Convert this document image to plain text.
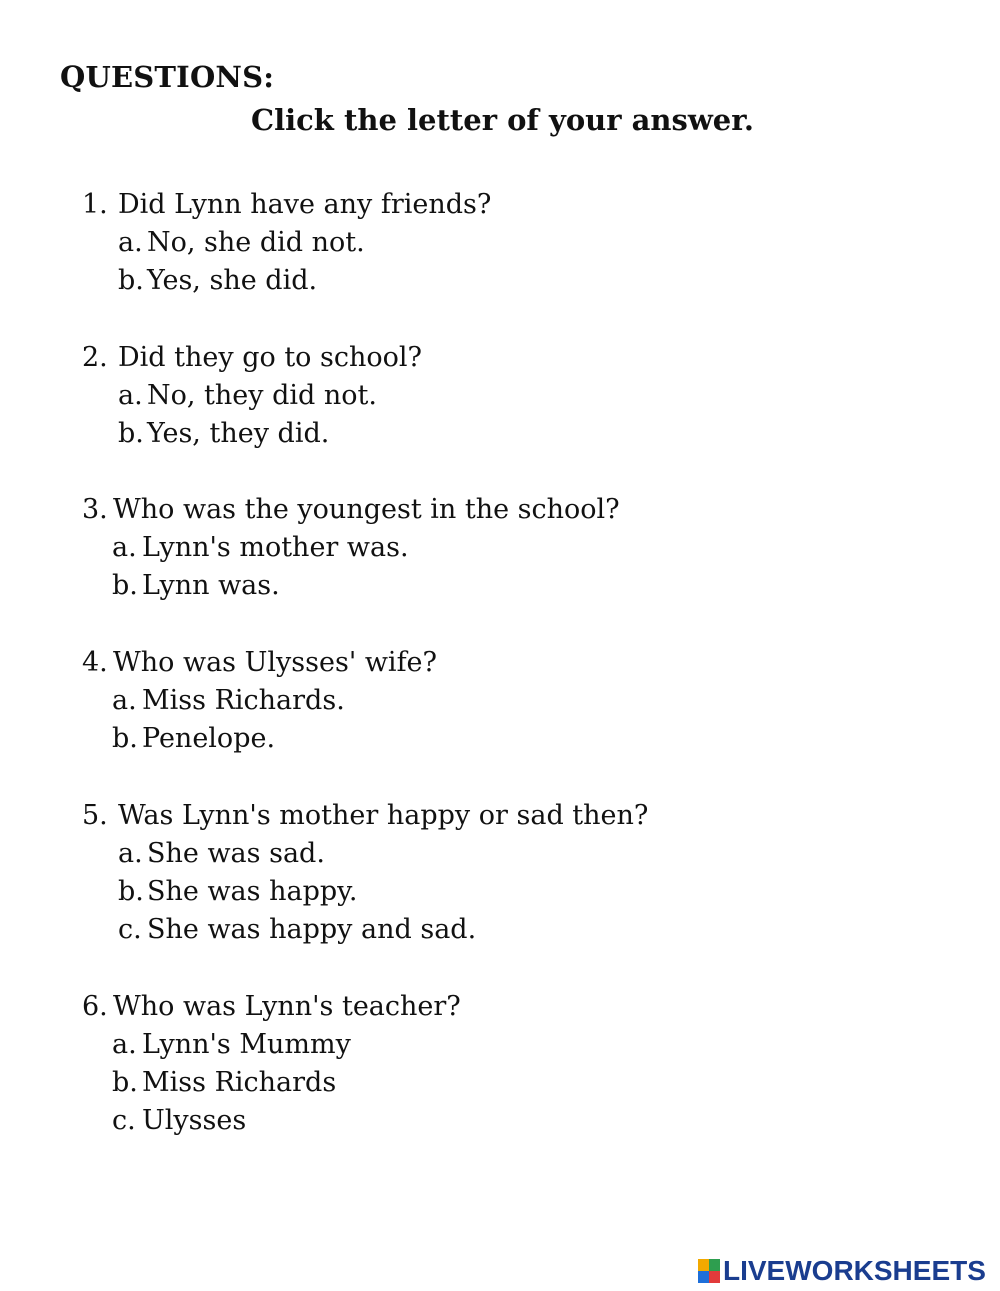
QUESTIONS:
Click the letter of your answer.
1. Did Lynn have any friends?
a. No, she did not.
b. Yes, she did.
2. Did they go to school?
a. No, they did not.
b. Yes, they did.
3. Who was the youngest in the school?
a. Lynn's mother was.
b. Lynn was.
4. Who was Ulysses' wife?
a. Miss Richards.
b. Penelope.
5. Was Lynn's mother happy or sad then?
a. She was sad.
b. She was happy.
c. She was happy and sad.
6. Who was Lynn's teacher?
a. Lynn's Mummy
b. Miss Richards
c. Ulysses
LIVEWORKSHEETS
